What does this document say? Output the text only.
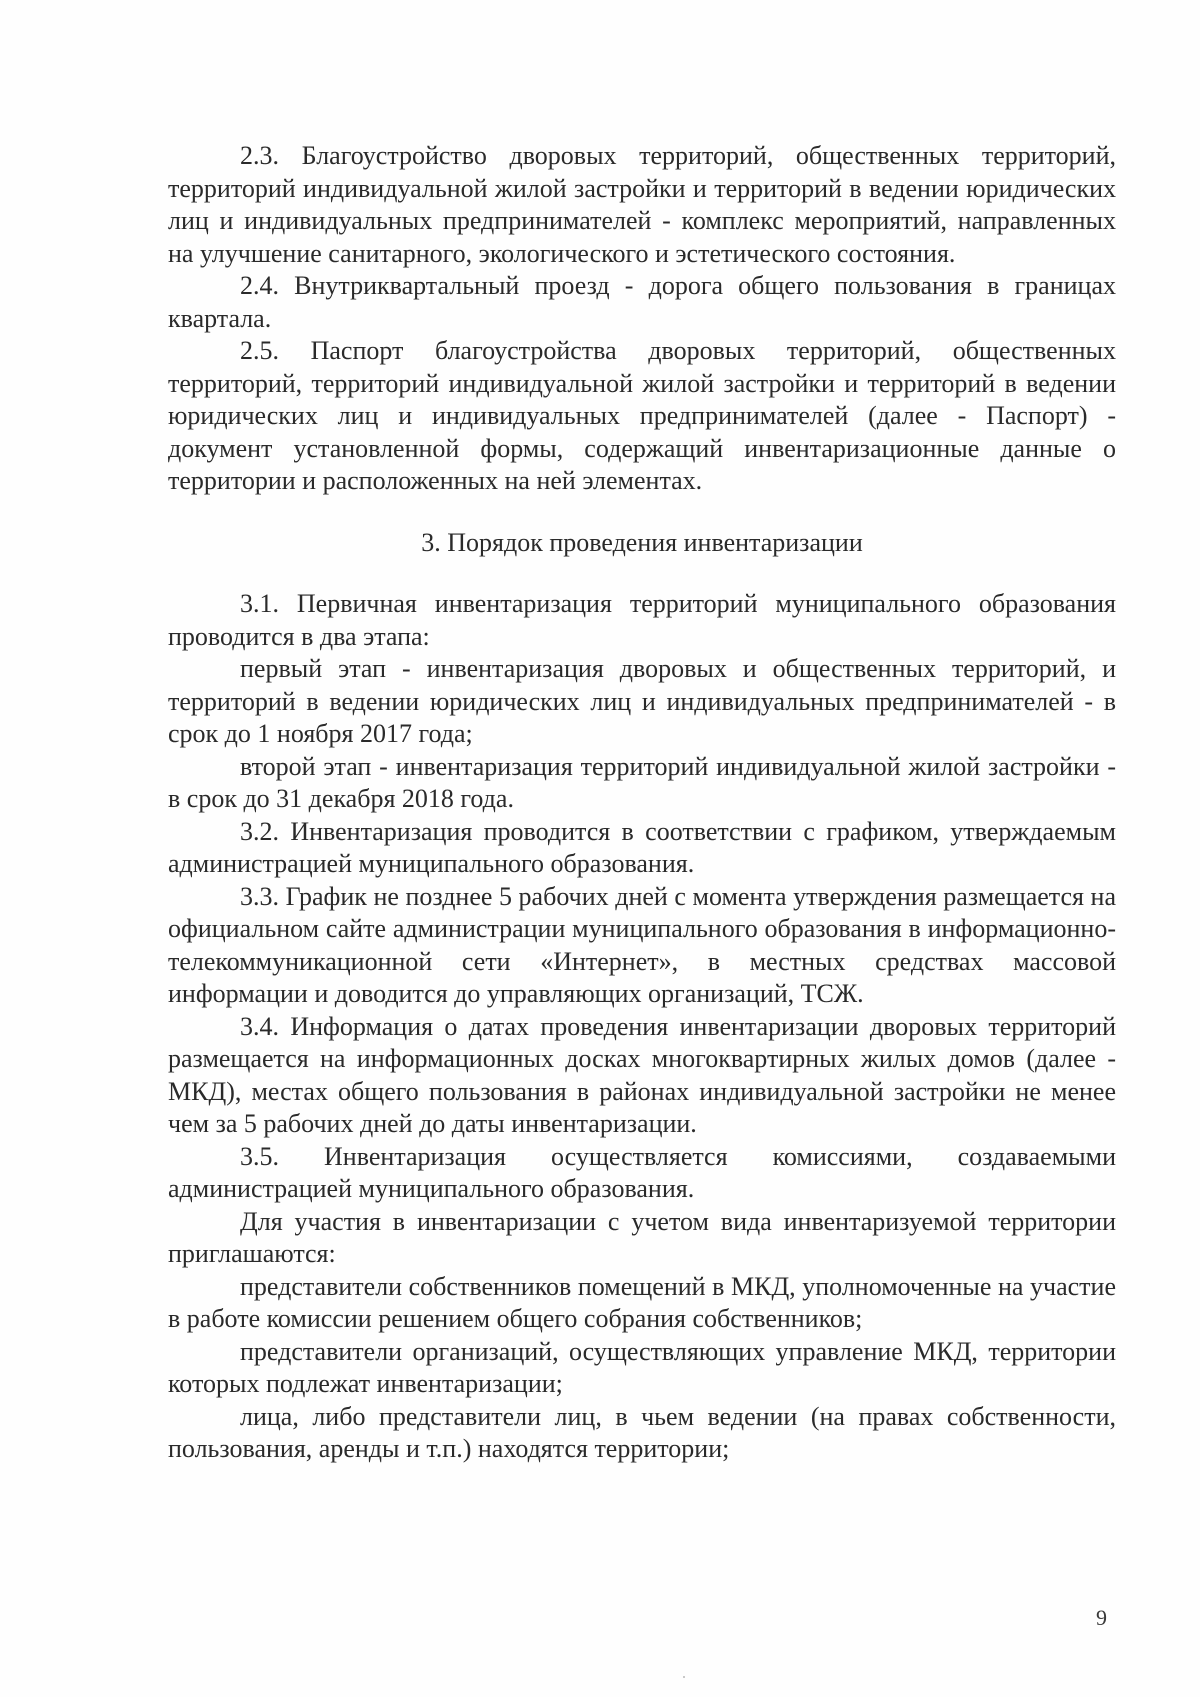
2.3. Благоустройство дворовых территорий, общественных территорий, территорий индивидуальной жилой застройки и территорий в ведении юридических лиц и индивидуальных предпринимателей - комплекс мероприятий, направленных на улучшение санитарного, экологического и эстетического состояния.

2.4. Внутриквартальный проезд - дорога общего пользования в границах квартала.

2.5. Паспорт благоустройства дворовых территорий, общественных территорий, территорий индивидуальной жилой застройки и территорий в ведении юридических лиц и индивидуальных предпринимателей (далее - Паспорт) - документ установленной формы, содержащий инвентаризационные данные о территории и расположенных на ней элементах.

3. Порядок проведения инвентаризации

3.1. Первичная инвентаризация территорий муниципального образования проводится в два этапа:

первый этап - инвентаризация дворовых и общественных территорий, и территорий в ведении юридических лиц и индивидуальных предпринимателей - в срок до 1 ноября 2017 года;

второй этап - инвентаризация территорий индивидуальной жилой застройки - в срок до 31 декабря 2018 года.

3.2. Инвентаризация проводится в соответствии с графиком, утверждаемым администрацией муниципального образования.

3.3. График не позднее 5 рабочих дней с момента утверждения размещается на официальном сайте администрации муниципального образования в информационно-телекоммуникационной сети «Интернет», в местных средствах массовой информации и доводится до управляющих организаций, ТСЖ.

3.4. Информация о датах проведения инвентаризации дворовых территорий размещается на информационных досках многоквартирных жилых домов (далее - МКД), местах общего пользования в районах индивидуальной застройки не менее чем за 5 рабочих дней до даты инвентаризации.

3.5. Инвентаризация осуществляется комиссиями, создаваемыми администрацией муниципального образования.

Для участия в инвентаризации с учетом вида инвентаризуемой территории приглашаются:

представители собственников помещений в МКД, уполномоченные на участие в работе комиссии решением общего собрания собственников;

представители организаций, осуществляющих управление МКД, территории которых подлежат инвентаризации;

лица, либо представители лиц, в чьем ведении (на правах собственности, пользования, аренды и т.п.) находятся территории;

9
